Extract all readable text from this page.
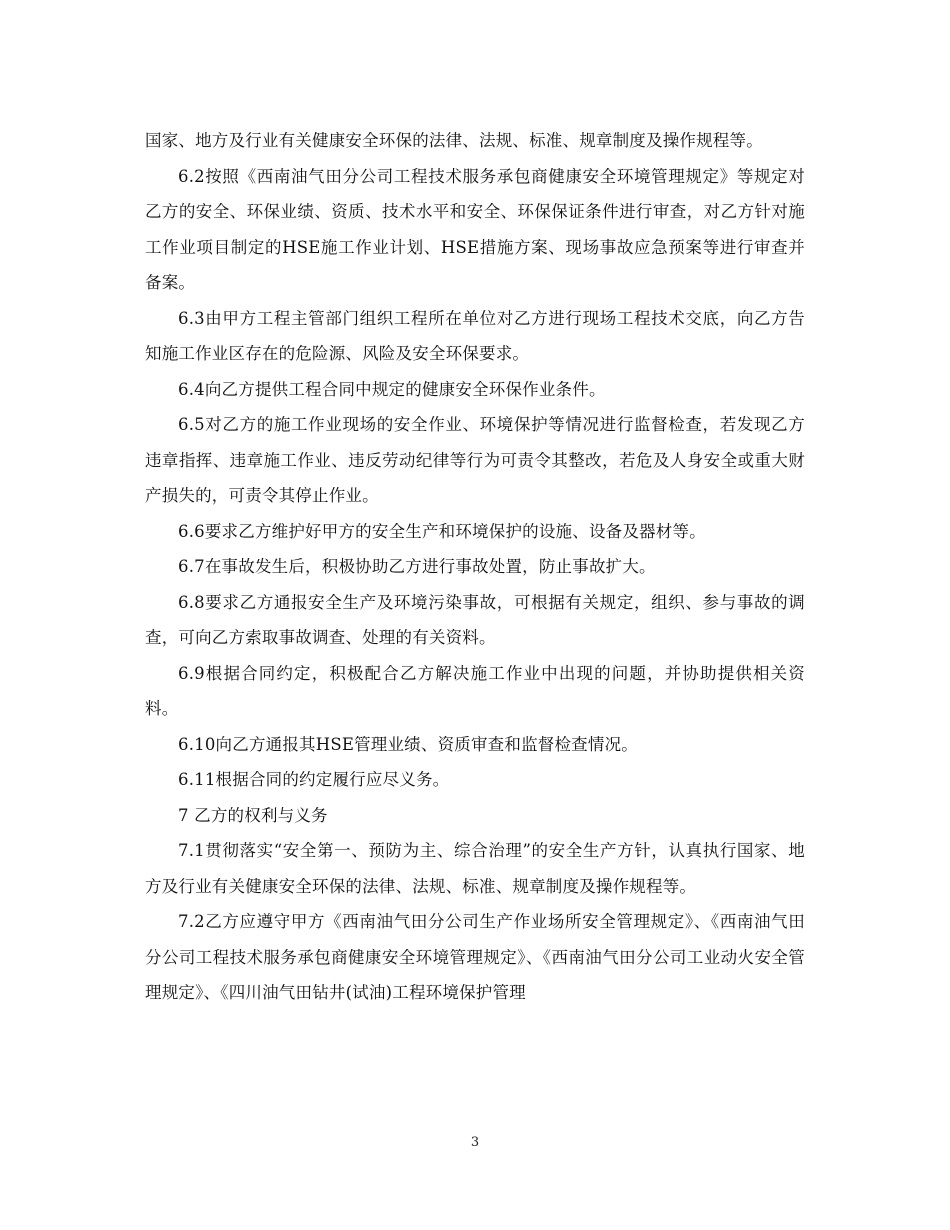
国家、地方及行业有关健康安全环保的法律、法规、标准、规章制度及操作规程等。

6.2按照《西南油气田分公司工程技术服务承包商健康安全环境管理规定》等规定对乙方的安全、环保业绩、资质、技术水平和安全、环保保证条件进行审查，对乙方针对施工作业项目制定的HSE施工作业计划、HSE措施方案、现场事故应急预案等进行审查并备案。

6.3由甲方工程主管部门组织工程所在单位对乙方进行现场工程技术交底，向乙方告知施工作业区存在的危险源、风险及安全环保要求。

6.4向乙方提供工程合同中规定的健康安全环保作业条件。

6.5对乙方的施工作业现场的安全作业、环境保护等情况进行监督检查，若发现乙方违章指挥、违章施工作业、违反劳动纪律等行为可责令其整改，若危及人身安全或重大财产损失的，可责令其停止作业。

6.6要求乙方维护好甲方的安全生产和环境保护的设施、设备及器材等。

6.7在事故发生后，积极协助乙方进行事故处置，防止事故扩大。

6.8要求乙方通报安全生产及环境污染事故，可根据有关规定，组织、参与事故的调查，可向乙方索取事故调查、处理的有关资料。

6.9根据合同约定，积极配合乙方解决施工作业中出现的问题，并协助提供相关资料。

6.10向乙方通报其HSE管理业绩、资质审查和监督检查情况。

6.11根据合同的约定履行应尽义务。

7 乙方的权利与义务

7.1贯彻落实“安全第一、预防为主、综合治理”的安全生产方针，认真执行国家、地方及行业有关健康安全环保的法律、法规、标准、规章制度及操作规程等。

7.2乙方应遵守甲方《西南油气田分公司生产作业场所安全管理规定》、《西南油气田分公司工程技术服务承包商健康安全环境管理规定》、《西南油气田分公司工业动火安全管理规定》、《四川油气田钻井(试油)工程环境保护管理

3
